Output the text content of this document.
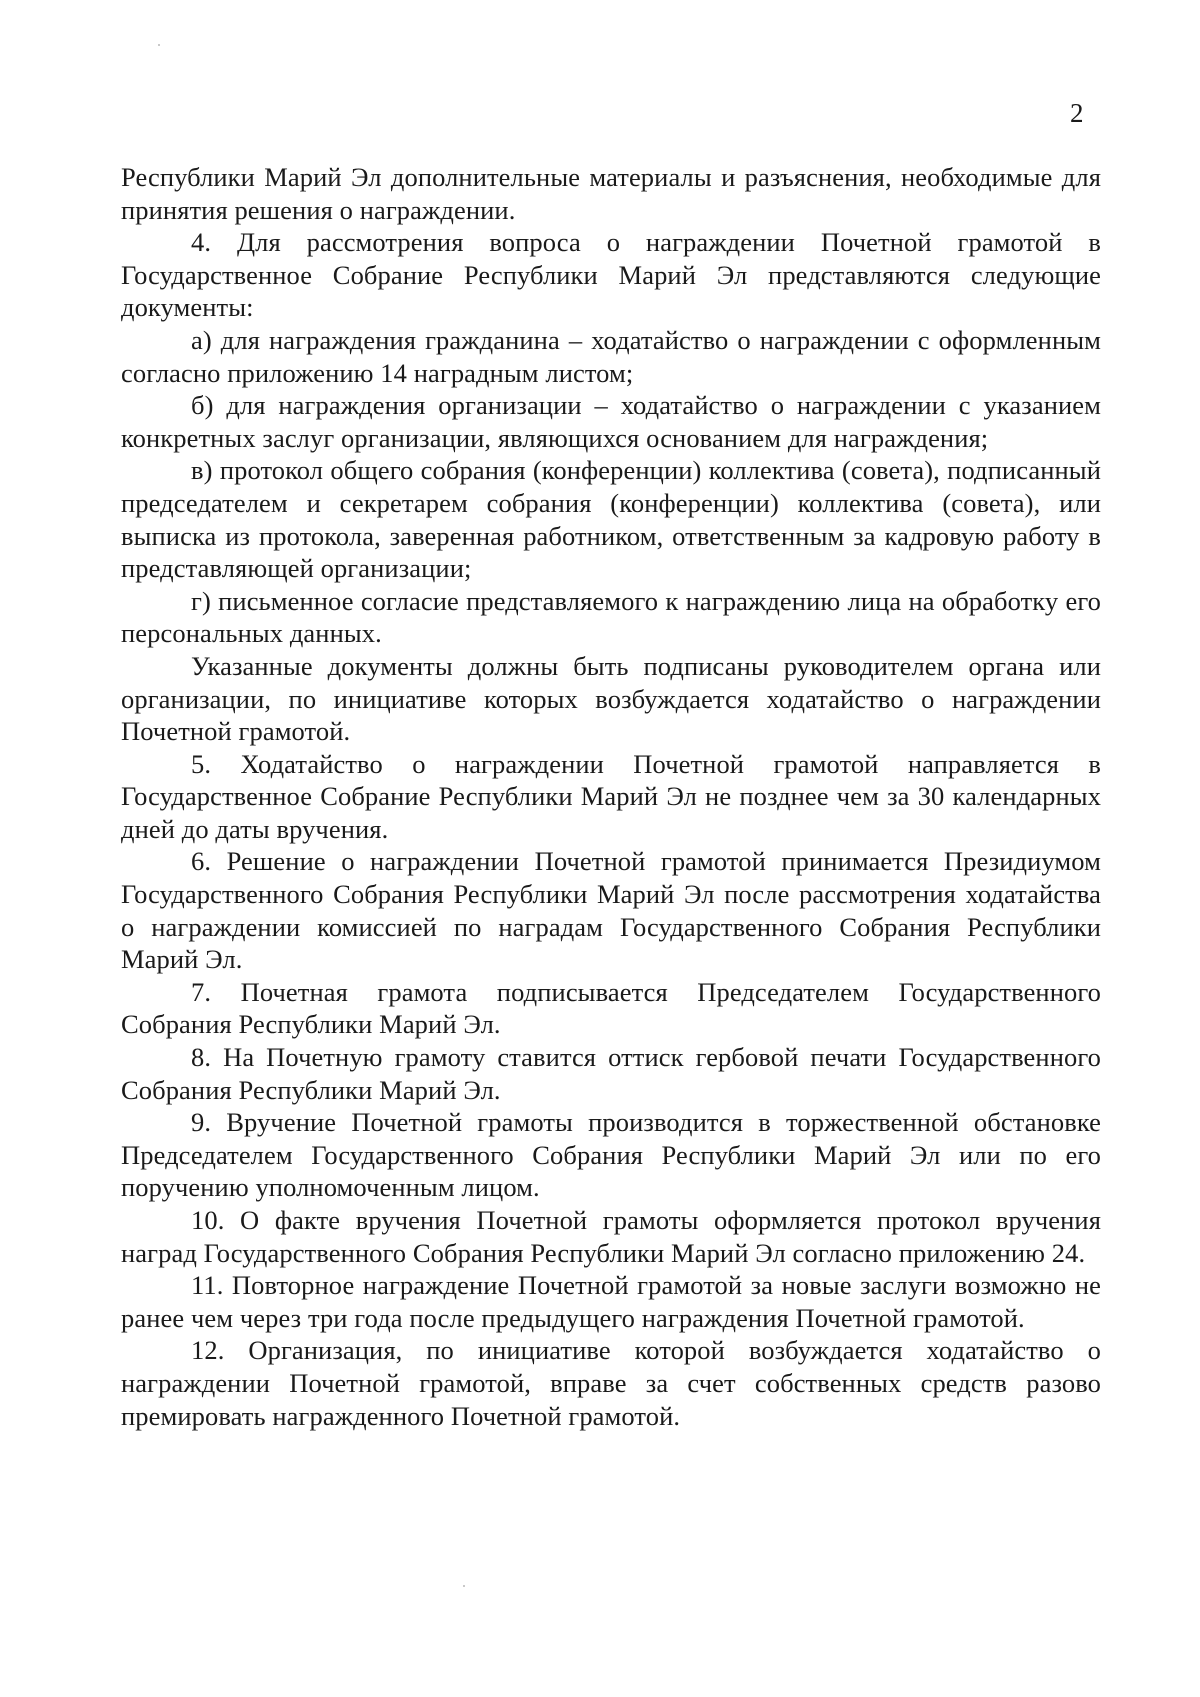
2

Республики Марий Эл дополнительные материалы и разъяснения, необходимые для принятия решения о награждении.

4. Для рассмотрения вопроса о награждении Почетной грамотой в Государственное Собрание Республики Марий Эл представляются следующие документы:

а) для награждения гражданина – ходатайство о награждении с оформленным согласно приложению 14 наградным листом;

б) для награждения организации – ходатайство о награждении с указанием конкретных заслуг организации, являющихся основанием для награждения;

в) протокол общего собрания (конференции) коллектива (совета), подписанный председателем и секретарем собрания (конференции) коллектива (совета), или выписка из протокола, заверенная работником, ответственным за кадровую работу в представляющей организации;

г) письменное согласие представляемого к награждению лица на обработку его персональных данных.

Указанные документы должны быть подписаны руководителем органа или организации, по инициативе которых возбуждается ходатайство о награждении Почетной грамотой.

5. Ходатайство о награждении Почетной грамотой направляется в Государственное Собрание Республики Марий Эл не позднее чем за 30 календарных дней до даты вручения.

6. Решение о награждении Почетной грамотой принимается Президиумом Государственного Собрания Республики Марий Эл после рассмотрения ходатайства о награждении комиссией по наградам Государственного Собрания Республики Марий Эл.

7. Почетная грамота подписывается Председателем Государственного Собрания Республики Марий Эл.

8. На Почетную грамоту ставится оттиск гербовой печати Государственного Собрания Республики Марий Эл.

9. Вручение Почетной грамоты производится в торжественной обстановке Председателем Государственного Собрания Республики Марий Эл или по его поручению уполномоченным лицом.

10. О факте вручения Почетной грамоты оформляется протокол вручения наград Государственного Собрания Республики Марий Эл согласно приложению 24.

11. Повторное награждение Почетной грамотой за новые заслуги возможно не ранее чем через три года после предыдущего награждения Почетной грамотой.

12. Организация, по инициативе которой возбуждается ходатайство о награждении Почетной грамотой, вправе за счет собственных средств разово премировать награжденного Почетной грамотой.
